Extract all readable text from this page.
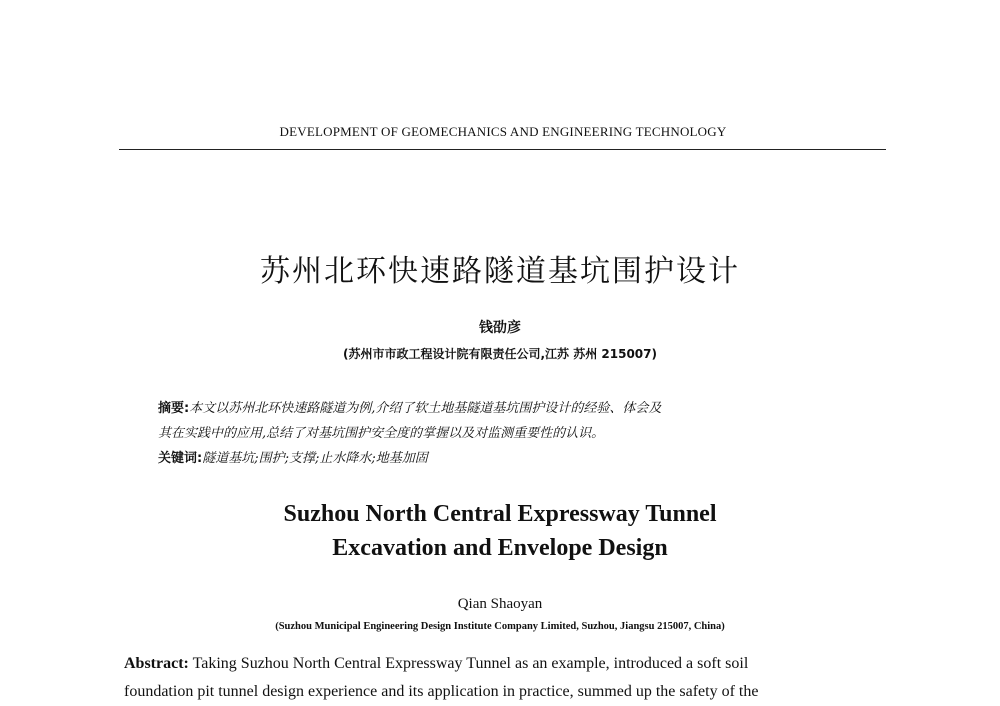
DEVELOPMENT OF GEOMECHANICS AND ENGINEERING TECHNOLOGY
苏州北环快速路隧道基坑围护设计
钱劭彦
(苏州市市政工程设计院有限责任公司,江苏 苏州 215007)
摘要:本文以苏州北环快速路隧道为例,介绍了软土地基隧道基坑围护设计的经验、体会及
其在实践中的应用,总结了对基坑围护安全度的掌握以及对监测重要性的认识。
关键词:隧道基坑;围护;支撑;止水降水;地基加固
Suzhou North Central Expressway Tunnel
Excavation and Envelope Design
Qian Shaoyan
(Suzhou Municipal Engineering Design Institute Company Limited, Suzhou, Jiangsu 215007, China)
Abstract: Taking Suzhou North Central Expressway Tunnel as an example, introduced a soft soil
foundation pit tunnel design experience and its application in practice, summed up the safety of the
